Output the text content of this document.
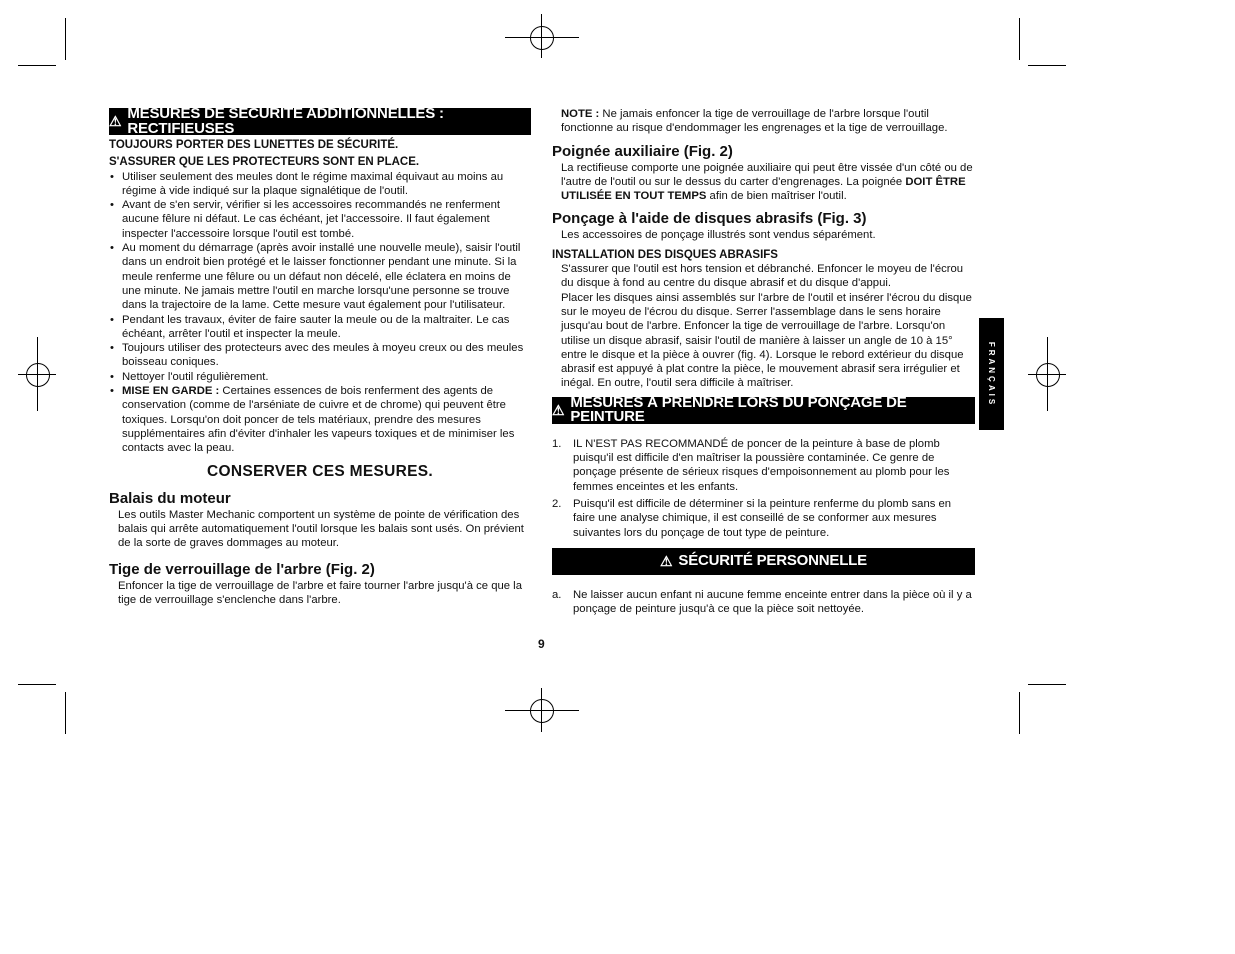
⚠ MESURES DE SÉCURITÉ ADDITIONNELLES : RECTIFIEUSES
TOUJOURS PORTER DES LUNETTES DE SÉCURITÉ.
S'ASSURER QUE LES PROTECTEURS SONT EN PLACE.
• Utiliser seulement des meules dont le régime maximal équivaut au moins au régime à vide indiqué sur la plaque signalétique de l'outil.
• Avant de s'en servir, vérifier si les accessoires recommandés ne renferment aucune fêlure ni défaut. Le cas échéant, jet l'accessoire. Il faut également inspecter l'accessoire lorsque l'outil est tombé.
• Au moment du démarrage (après avoir installé une nouvelle meule), saisir l'outil dans un endroit bien protégé et le laisser fonctionner pendant une minute. Si la meule renferme une fêlure ou un défaut non décelé, elle éclatera en moins de une minute. Ne jamais mettre l'outil en marche lorsqu'une personne se trouve dans la trajectoire de la lame. Cette mesure vaut également pour l'utilisateur.
• Pendant les travaux, éviter de faire sauter la meule ou de la maltraiter. Le cas échéant, arrêter l'outil et inspecter la meule.
• Toujours utiliser des protecteurs avec des meules à moyeu creux ou des meules boisseau coniques.
• Nettoyer l'outil régulièrement.
• MISE EN GARDE : Certaines essences de bois renferment des agents de conservation (comme de l'arséniate de cuivre et de chrome) qui peuvent être toxiques. Lorsqu'on doit poncer de tels matériaux, prendre des mesures supplémentaires afin d'éviter d'inhaler les vapeurs toxiques et de minimiser les contacts avec la peau.
CONSERVER CES MESURES.
Balais du moteur
Les outils Master Mechanic comportent un système de pointe de vérification des balais qui arrête automatiquement l'outil lorsque les balais sont usés. On prévient de la sorte de graves dommages au moteur.
Tige de verrouillage de l'arbre (Fig. 2)
Enfoncer la tige de verrouillage de l'arbre et faire tourner l'arbre jusqu'à ce que la tige de verrouillage s'enclenche dans l'arbre.
NOTE : Ne jamais enfoncer la tige de verrouillage de l'arbre lorsque l'outil fonctionne au risque d'endommager les engrenages et la tige de verrouillage.
Poignée auxiliaire (Fig. 2)
La rectifieuse comporte une poignée auxiliaire qui peut être vissée d'un côté ou de l'autre de l'outil ou sur le dessus du carter d'engrenages. La poignée DOIT ÊTRE UTILISÉE EN TOUT TEMPS afin de bien maîtriser l'outil.
Ponçage à l'aide de disques abrasifs (Fig. 3)
Les accessoires de ponçage illustrés sont vendus séparément.
INSTALLATION DES DISQUES ABRASIFS
S'assurer que l'outil est hors tension et débranché. Enfoncer le moyeu de l'écrou du disque à fond au centre du disque abrasif et du disque d'appui.
Placer les disques ainsi assemblés sur l'arbre de l'outil et insérer l'écrou du disque sur le moyeu de l'écrou du disque. Serrer l'assemblage dans le sens horaire jusqu'au bout de l'arbre. Enfoncer la tige de verrouillage de l'arbre. Lorsqu'on utilise un disque abrasif, saisir l'outil de manière à laisser un angle de 10 à 15° entre le disque et la pièce à ouvrer (fig. 4). Lorsque le rebord extérieur du disque abrasif est appuyé à plat contre la pièce, le mouvement abrasif sera irrégulier et inégal. En outre, l'outil sera difficile à maîtriser.
⚠ MESURES À PRENDRE LORS DU PONÇAGE DE PEINTURE
1. IL N'EST PAS RECOMMANDÉ de poncer de la peinture à base de plomb puisqu'il est difficile d'en maîtriser la poussière contaminée. Ce genre de ponçage présente de sérieux risques d'empoisonnement au plomb pour les femmes enceintes et les enfants.
2. Puisqu'il est difficile de déterminer si la peinture renferme du plomb sans en faire une analyse chimique, il est conseillé de se conformer aux mesures suivantes lors du ponçage de tout type de peinture.
⚠ SÉCURITÉ PERSONNELLE
a. Ne laisser aucun enfant ni aucune femme enceinte entrer dans la pièce où il y a ponçage de peinture jusqu'à ce que la pièce soit nettoyée.
9
FRANÇAIS
